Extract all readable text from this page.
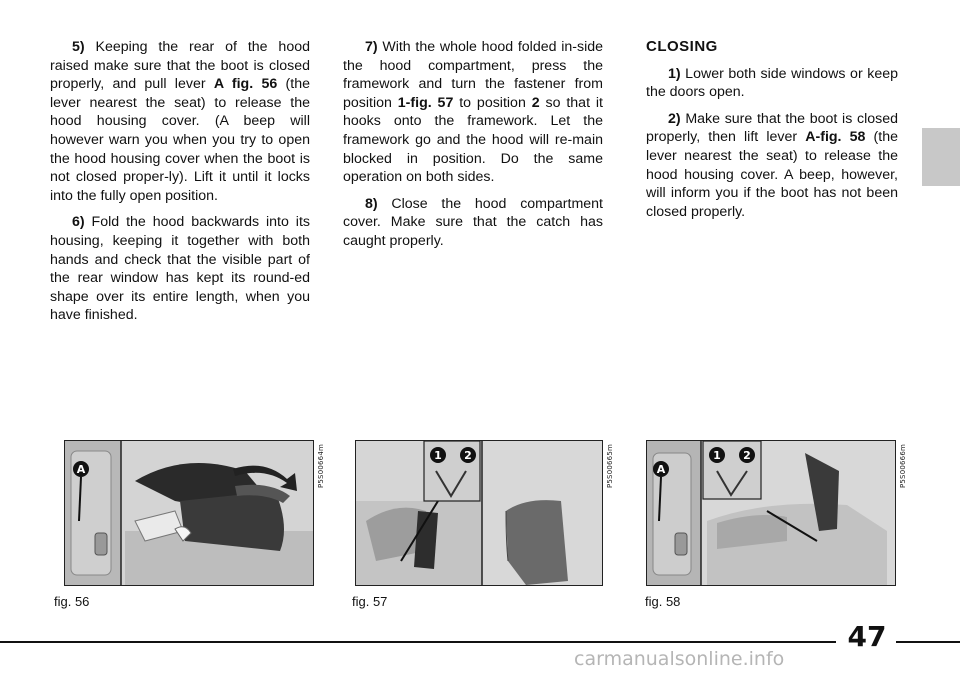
5) Keeping the rear of the hood raised make sure that the boot is closed properly, and pull lever A fig. 56 (the lever nearest the seat) to release the hood housing cover. (A beep will however warn you when you try to open the hood housing cover when the boot is not closed proper-ly). Lift it until it locks into the fully open position.

6) Fold the hood backwards into its housing, keeping it together with both hands and check that the visible part of the rear window has kept its round-ed shape over its entire length, when you have finished.

7) With the whole hood folded in-side the hood compartment, press the framework and turn the fastener from position 1-fig. 57 to position 2 so that it hooks onto the framework. Let the framework go and the hood will re-main blocked in position. Do the same operation on both sides.

8) Close the hood compartment cover. Make sure that the catch has caught properly.

CLOSING

1) Lower both side windows or keep the doors open.

2) Make sure that the boot is closed properly, then lift lever A-fig. 58 (the lever nearest the seat) to release the hood housing cover. A beep, however, will inform you if the boot has not been closed properly.

A	P5S00664m
fig. 56
1 2	P5S00665m
fig. 57
1 2
A	P5S00666m
fig. 58
47
carmanualsonline.info
